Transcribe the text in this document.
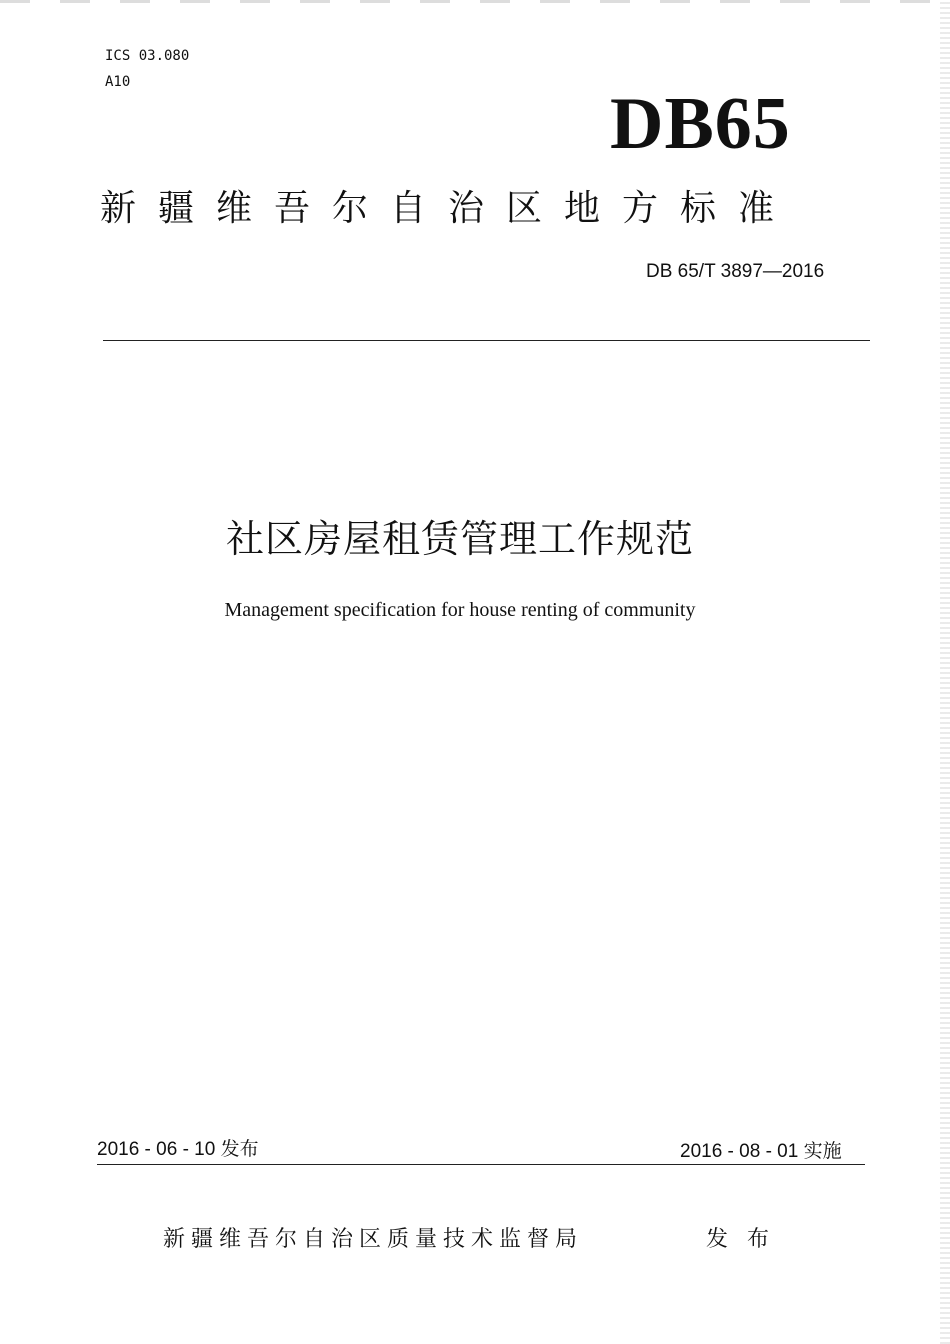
ICS 03.080
A10
DB65
新疆维吾尔自治区地方标准
DB 65/T 3897—2016
社区房屋租赁管理工作规范
Management specification for house renting of community
2016 - 06 - 10 发布	2016 - 08 - 01 实施
新疆维吾尔自治区质量技术监督局	发 布
